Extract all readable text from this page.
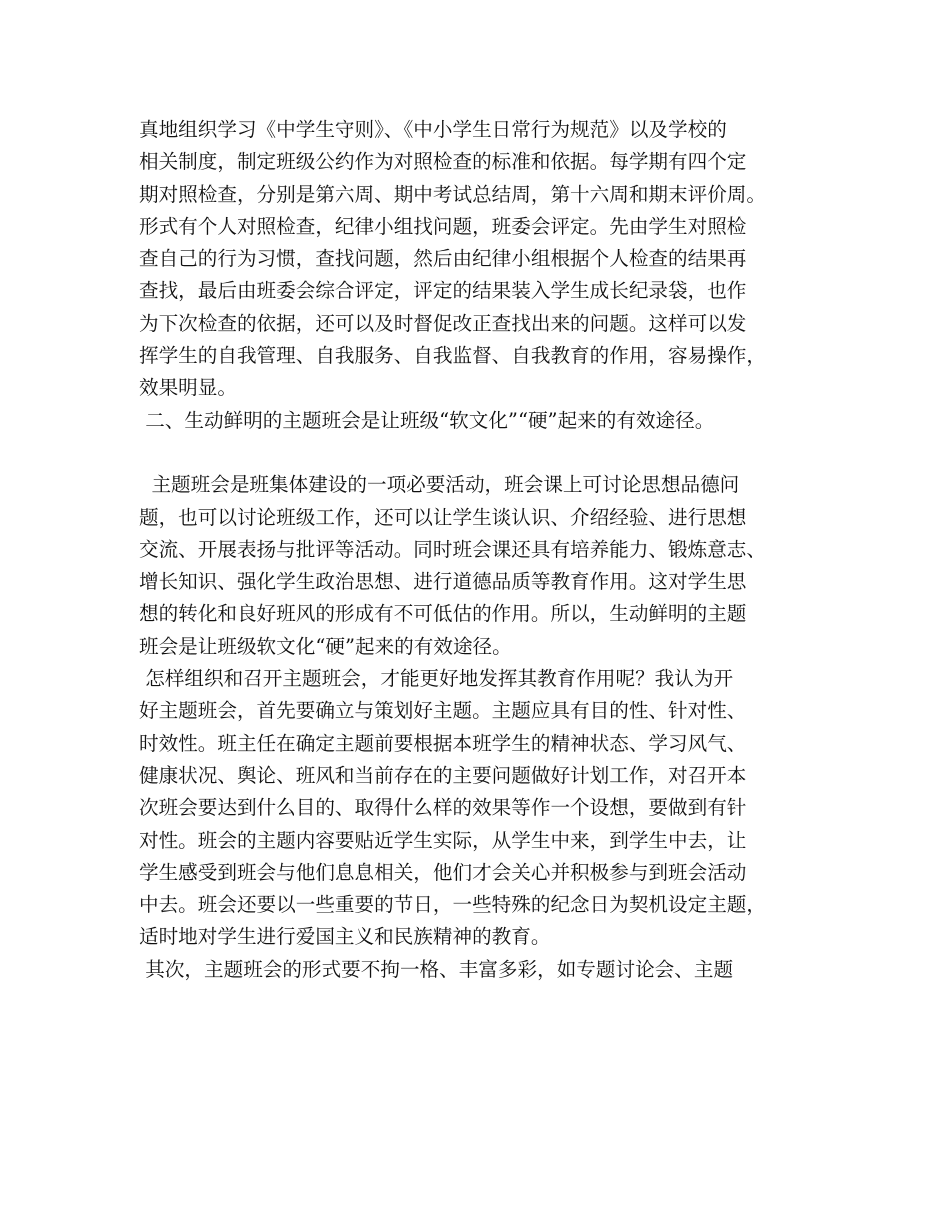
真地组织学习《中学生守则》、《中小学生日常行为规范》以及学校的
相关制度，制定班级公约作为对照检查的标准和依据。每学期有四个定
期对照检查，分别是第六周、期中考试总结周，第十六周和期末评价周。
形式有个人对照检查，纪律小组找问题，班委会评定。先由学生对照检
查自己的行为习惯，查找问题，然后由纪律小组根据个人检查的结果再
查找，最后由班委会综合评定，评定的结果装入学生成长纪录袋，也作
为下次检查的依据，还可以及时督促改正查找出来的问题。这样可以发
挥学生的自我管理、自我服务、自我监督、自我教育的作用，容易操作，
效果明显。
二、生动鲜明的主题班会是让班级“软文化”“硬”起来的有效途径。
主题班会是班集体建设的一项必要活动，班会课上可讨论思想品德问
题，也可以讨论班级工作，还可以让学生谈认识、介绍经验、进行思想
交流、开展表扬与批评等活动。同时班会课还具有培养能力、锻炼意志、
增长知识、强化学生政治思想、进行道德品质等教育作用。这对学生思
想的转化和良好班风的形成有不可低估的作用。所以，生动鲜明的主题
班会是让班级软文化“硬”起来的有效途径。
怎样组织和召开主题班会，才能更好地发挥其教育作用呢？我认为开
好主题班会，首先要确立与策划好主题。主题应具有目的性、针对性、
时效性。班主任在确定主题前要根据本班学生的精神状态、学习风气、
健康状况、舆论、班风和当前存在的主要问题做好计划工作，对召开本
次班会要达到什么目的、取得什么样的效果等作一个设想，要做到有针
对性。班会的主题内容要贴近学生实际，从学生中来，到学生中去，让
学生感受到班会与他们息息相关，他们才会关心并积极参与到班会活动
中去。班会还要以一些重要的节日，一些特殊的纪念日为契机设定主题，
适时地对学生进行爱国主义和民族精神的教育。
其次，主题班会的形式要不拘一格、丰富多彩，如专题讨论会、主题
